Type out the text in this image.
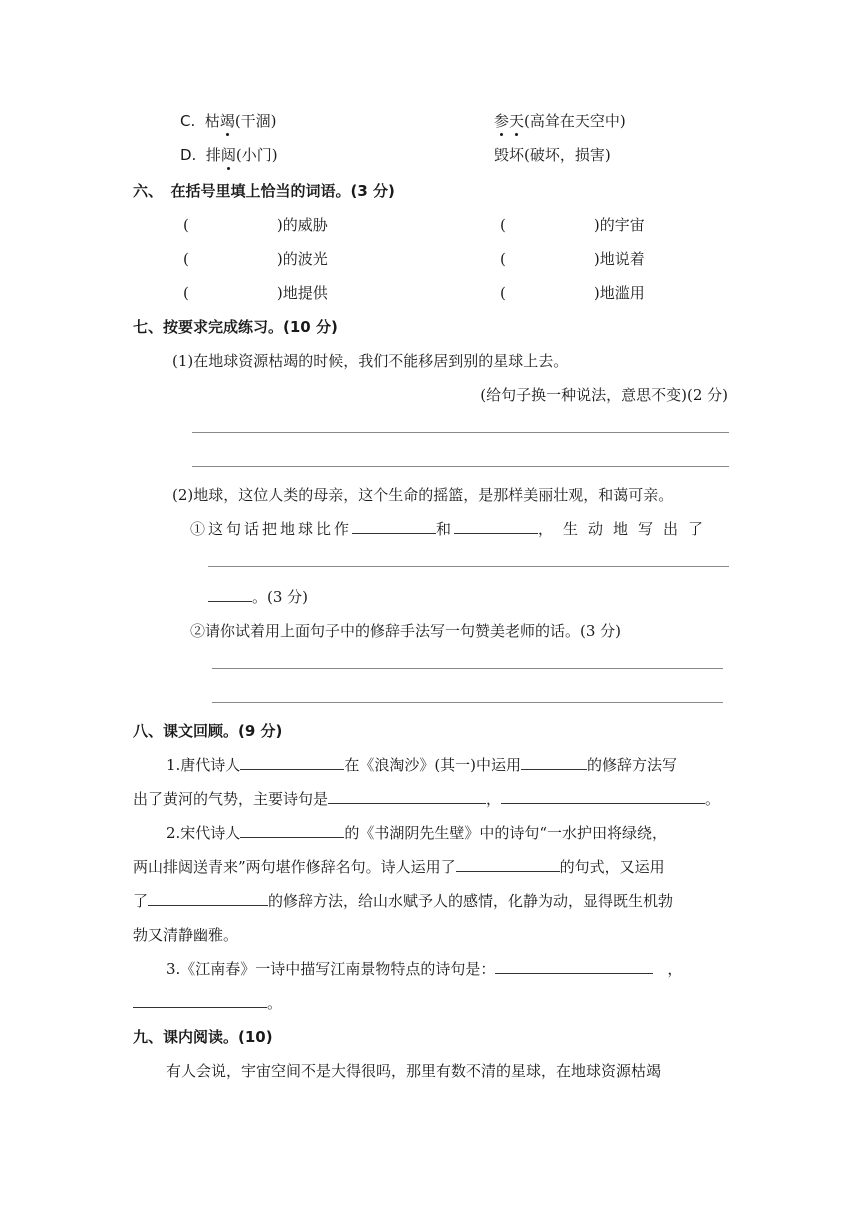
C. 枯竭(干涸)	参天(高耸在天空中)
D. 排闼(小门)	毁坏(破坏，损害)
六、　在括号里填上恰当的词语。(3 分)
(	)的威胁	(	)的宇宙
(	)的波光	(	)地说着
(	)地提供	(	)地滥用
七、按要求完成练习。(10 分)
(1)在地球资源枯竭的时候，我们不能移居到别的星球上去。
(给句子换一种说法，意思不变)(2 分)
(2)地球，这位人类的母亲，这个生命的摇篮，是那样美丽壮观，和蔼可亲。
①这句话把地球比作	和	，生动地写出了
。(3 分)
②请你试着用上面句子中的修辞手法写一句赞美老师的话。(3 分)
八、课文回顾。(9 分)
1.唐代诗人	在《浪淘沙》(其一)中运用	的修辞方法写
出了黄河的气势，主要诗句是	，	。
2.宋代诗人	的《书湖阴先生壁》中的诗句“一水护田将绿绕，
两山排闼送青来”两句堪作修辞名句。诗人运用了	的句式，又运用
了	的修辞方法，给山水赋予人的感情，化静为动，显得既生机勃
勃又清静幽雅。
3.《江南春》一诗中描写江南景物特点的诗句是：	，
。
九、课内阅读。(10)
有人会说，宇宙空间不是大得很吗，那里有数不清的星球，在地球资源枯竭
